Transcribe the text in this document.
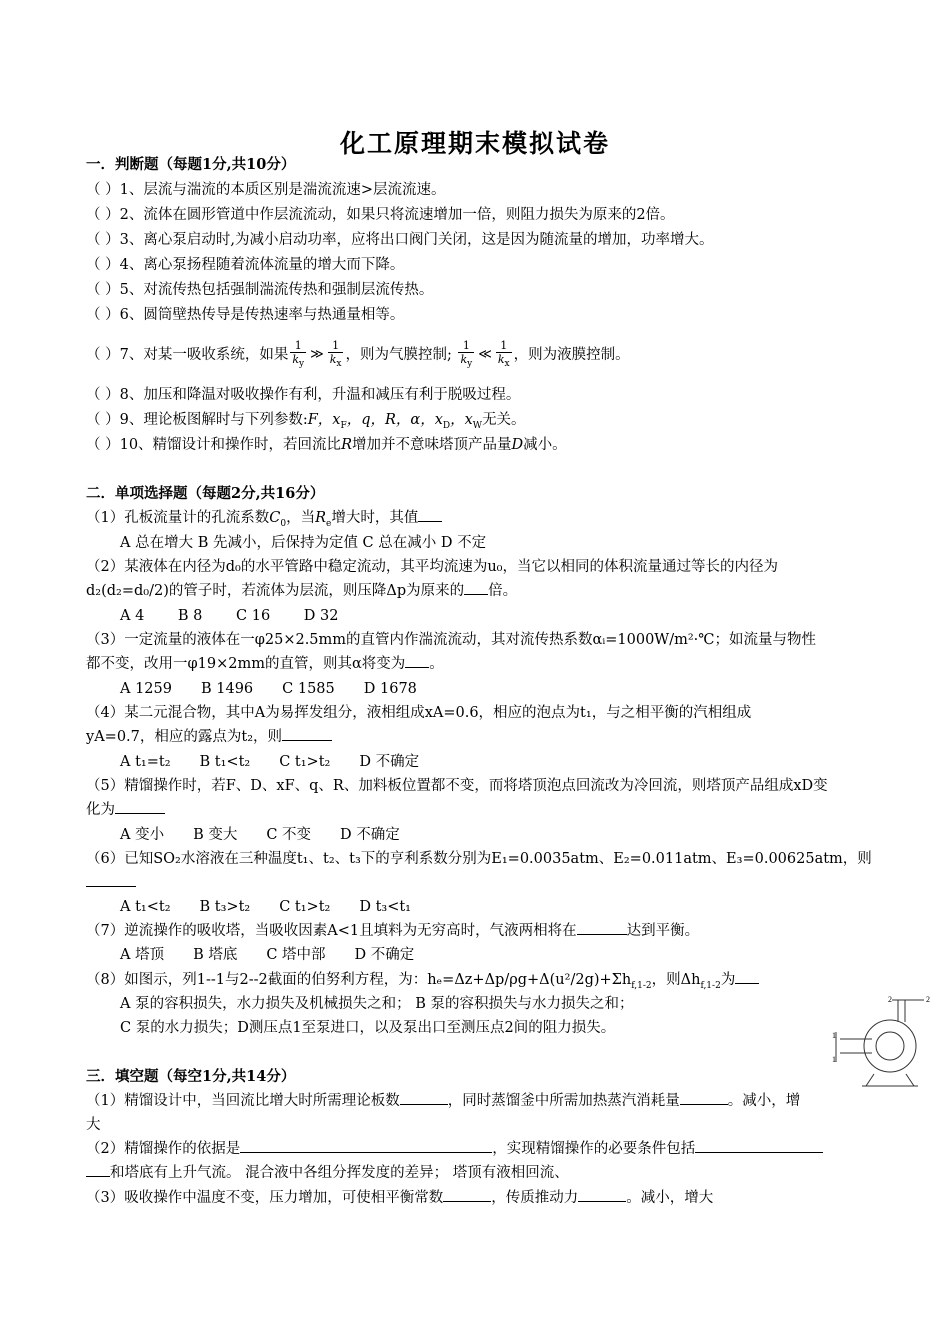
化工原理期末模拟试卷
一．判断题（每题1分,共10分）
（ ）1、层流与湍流的本质区别是湍流流速>层流流速。
（ ）2、流体在圆形管道中作层流流动，如果只将流速增加一倍，则阻力损失为原来的2倍。
（ ）3、离心泵启动时,为减小启动功率，应将出口阀门关闭，这是因为随流量的增加，功率增大。
（ ）4、离心泵扬程随着流体流量的增大而下降。
（ ）5、对流传热包括强制湍流传热和强制层流传热。
（ ）6、圆筒壁热传导是传热速率与热通量相等。
（ ）7、对某一吸收系统，如果 $\frac{1}{k_y}$ ≫ $\frac{1}{k_x}$ ，则为气膜控制; $\frac{1}{k_y}$ ≪ $\frac{1}{k_x}$ ，则为液膜控制。
（ ）8、加压和降温对吸收操作有利，升温和减压有利于脱吸过程。
（ ）9、理论板图解时与下列参数:F，$x_F$，q，R，α，$x_D$，$x_W$无关。
（ ）10、精馏设计和操作时，若回流比R增加并不意味塔顶产品量D减小。
二．单项选择题（每题2分,共16分）
（1）孔板流量计的孔流系数$C_0$，当$R_e$增大时，其值
A 总在增大 B 先减小，后保持为定值 C 总在减小 D 不定
（2）某液体在内径为d₀的水平管路中稳定流动，其平均流速为u₀，当它以相同的体积流量通过等长的内径为
d₂(d₂=d₀/2)的管子时，若流体为层流，则压降Δp为原来的 倍。
A 4　　 B 8　　 C 16　　 D 32
（3）一定流量的液体在一φ25×2.5mm的直管内作湍流流动，其对流传热系数αᵢ=1000W/m²·℃；如流量与物性
都不变，改用一φ19×2mm的直管，则其α将变为 。
A 1259　　B 1496　　C 1585　　D 1678
（4）某二元混合物，其中A为易挥发组分，液相组成xA=0.6，相应的泡点为t₁，与之相平衡的汽相组成
yA=0.7，相应的露点为t₂，则
A t₁=t₂　　B t₁<t₂　　C t₁>t₂　　D 不确定
（5）精馏操作时，若F、D、xF、q、R、加料板位置都不变，而将塔顶泡点回流改为冷回流，则塔顶产品组成xD变
化为
A 变小　　B 变大　　C 不变　　D 不确定
（6）已知SO₂水溶液在三种温度t₁、t₂、t₃下的亨利系数分别为E₁=0.0035atm、E₂=0.011atm、E₃=0.00625atm，则
A t₁<t₂　　B t₃>t₂　　C t₁>t₂　　D t₃<t₁
（7）逆流操作的吸收塔，当吸收因素A<1且填料为无穷高时，气液两相将在	达到平衡。
A 塔顶　　B 塔底　　C 塔中部　　D 不确定
（8）如图示，列1--1与2--2截面的伯努利方程，为：$h_e=\Delta z+\Delta p/\rho g+\Delta(u^2/2g)+\Sigma h_{f,1-2}$，则$\Delta h_{f,1-2}$为
A 泵的容积损失，水力损失及机械损失之和； B 泵的容积损失与水力损失之和；
C 泵的水力损失；D测压点1至泵进口，以及泵出口至测压点2间的阻力损失。
2	2
1
1
三．填空题（每空1分,共14分）
（1）精馏设计中，当回流比增大时所需理论板数	，同时蒸馏釜中所需加热蒸汽消耗量	。减小，增
大
（2）精馏操作的依据是	，实现精馏操作的必要条件包括
和塔底有上升气流。 混合液中各组分挥发度的差异； 塔顶有液相回流、
（3）吸收操作中温度不变，压力增加，可使相平衡常数	，传质推动力	。减小，增大
